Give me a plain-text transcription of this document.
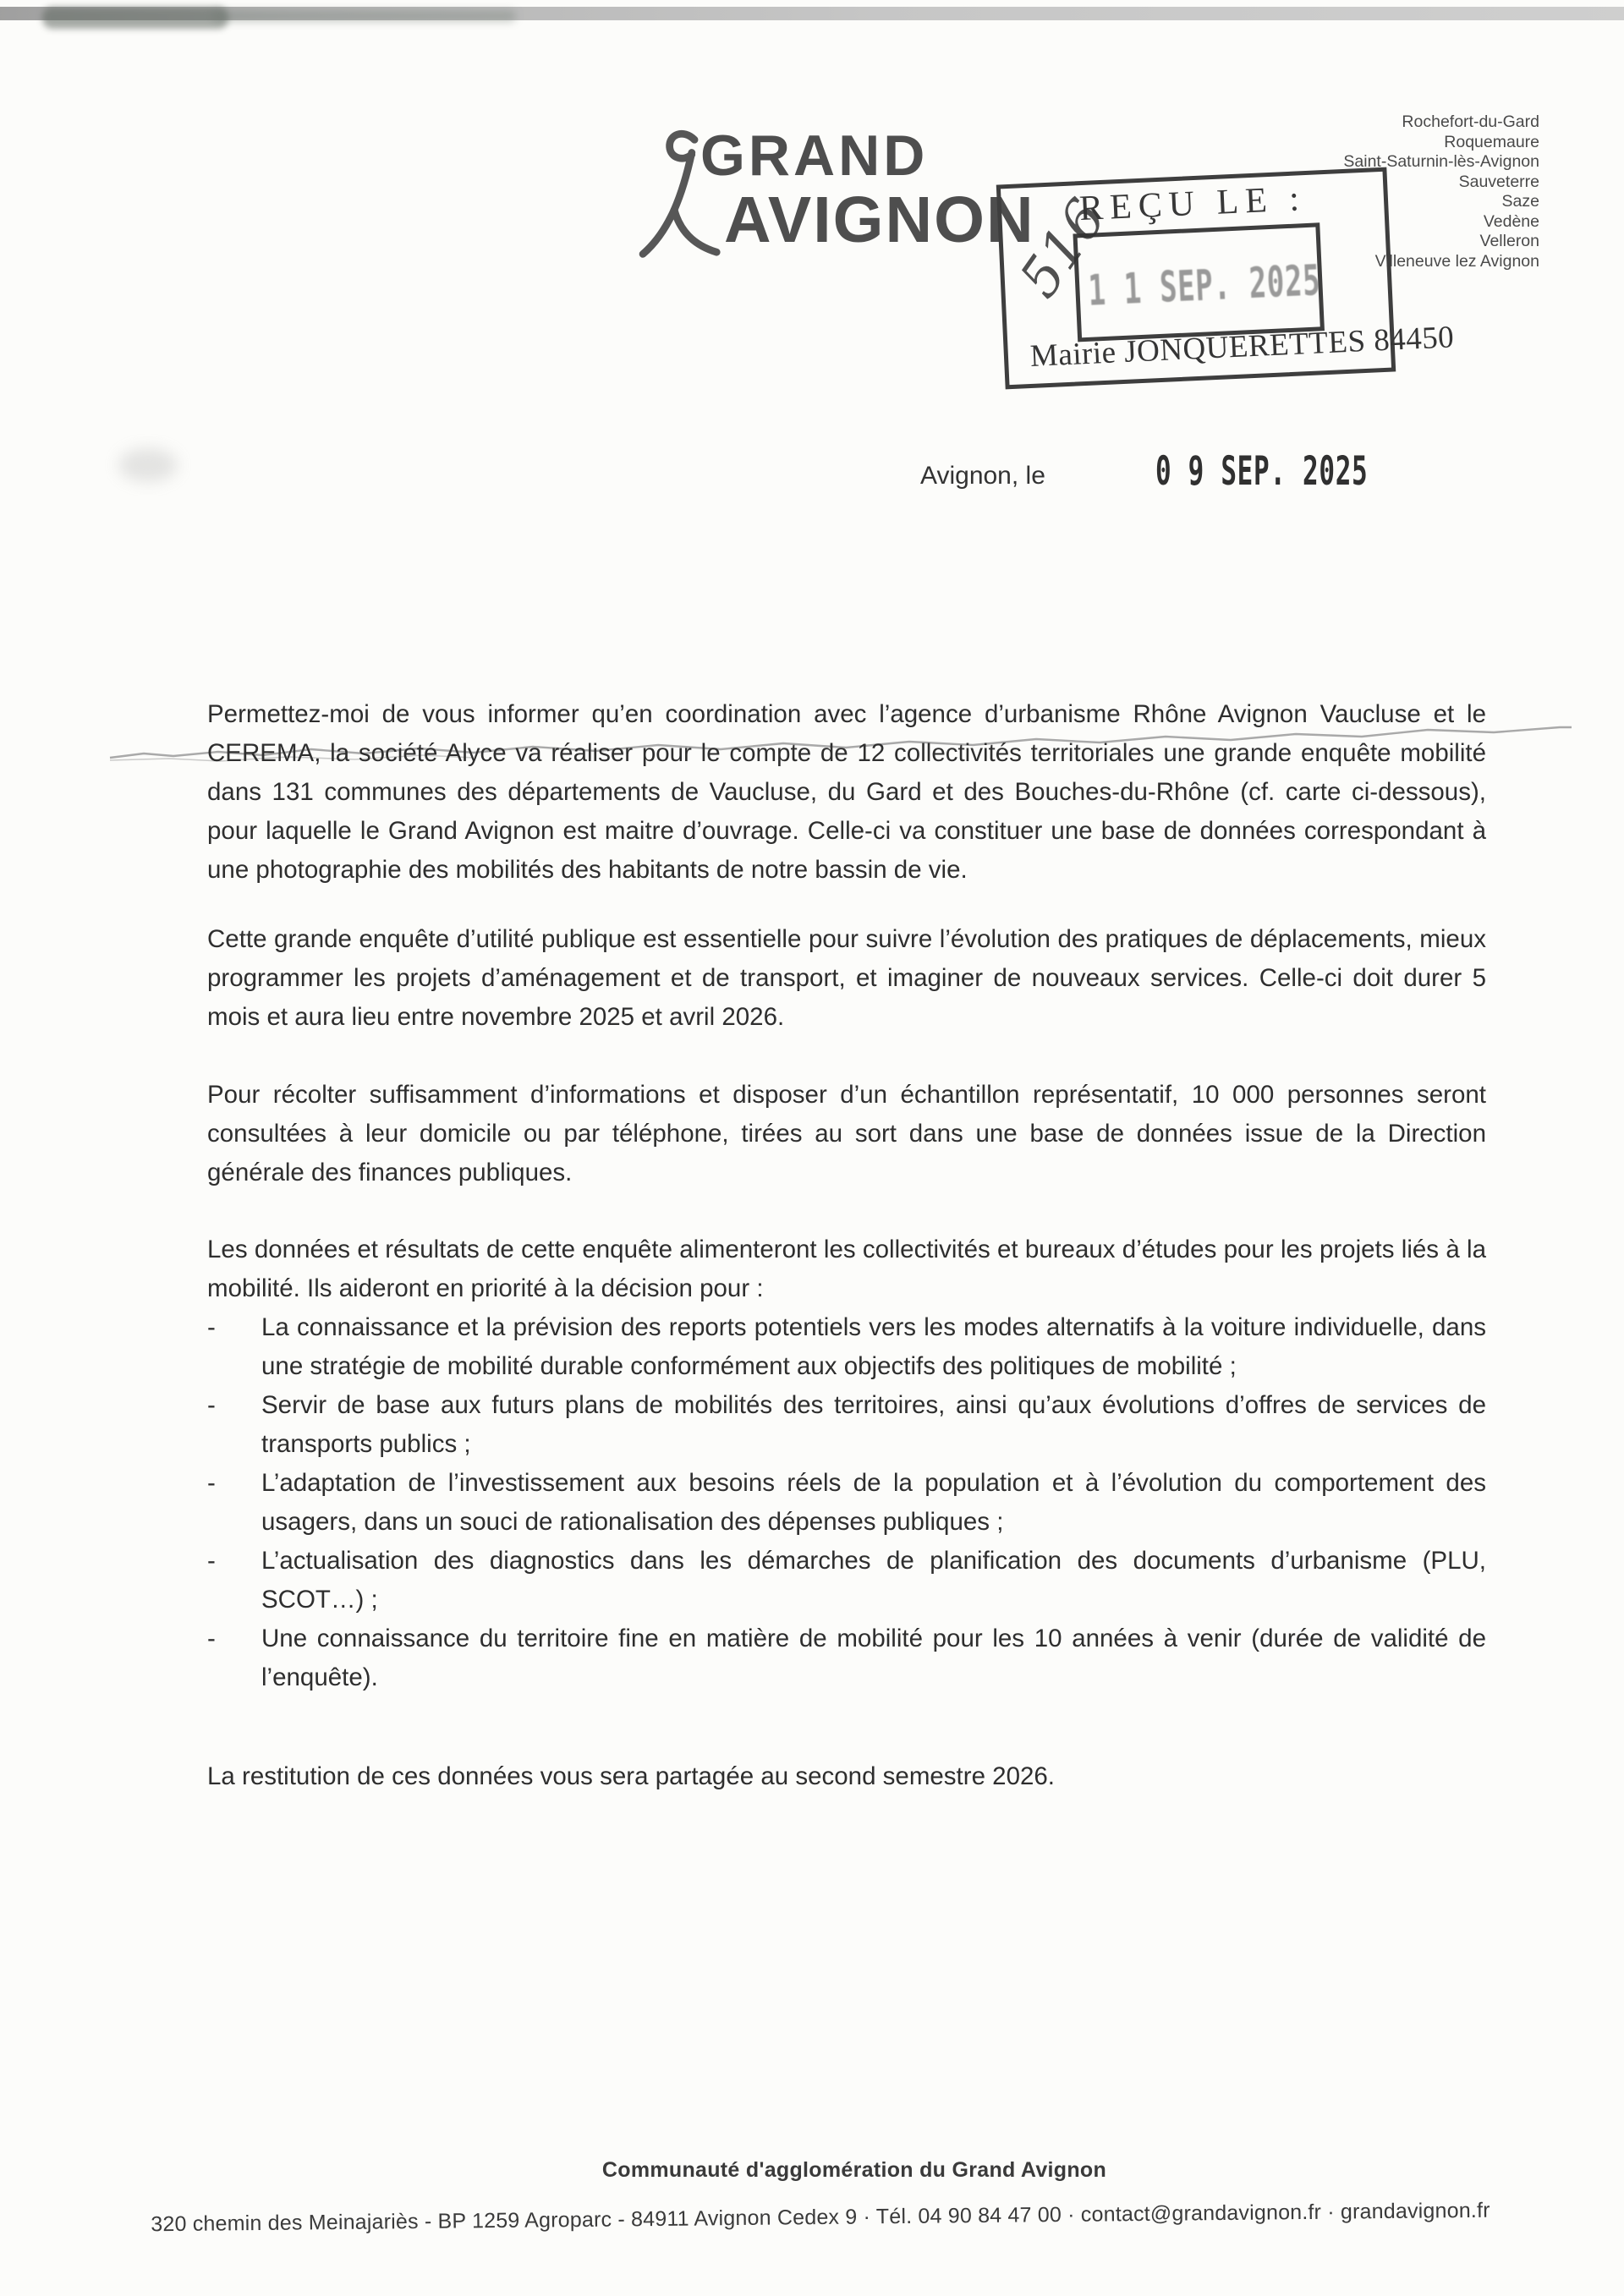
GRAND
AVIGNON
Rochefort-du-Gard
Roquemaure
Saint-Saturnin-lès-Avignon
Sauveterre
Saze
Vedène
Velleron
Villeneuve lez Avignon
REÇU LE :
1 1 SEP. 2025
Mairie JONQUERETTES 84450
516
Avignon, le	0 9 SEP. 2025
Permettez-moi de vous informer qu’en coordination avec l’agence d’urbanisme Rhône Avignon Vaucluse et le CEREMA, la société Alyce va réaliser pour le compte de 12 collectivités territoriales une grande enquête mobilité dans 131 communes des départements de Vaucluse, du Gard et des Bouches-du-Rhône (cf. carte ci-dessous), pour laquelle le Grand Avignon est maitre d’ouvrage. Celle-ci va constituer une base de données correspondant à une photographie des mobilités des habitants de notre bassin de vie.
Cette grande enquête d’utilité publique est essentielle pour suivre l’évolution des pratiques de déplacements, mieux programmer les projets d’aménagement et de transport, et imaginer de nouveaux services. Celle-ci doit durer 5 mois et aura lieu entre novembre 2025 et avril 2026.
Pour récolter suffisamment d’informations et disposer d’un échantillon représentatif, 10 000 personnes seront consultées à leur domicile ou par téléphone, tirées au sort dans une base de données issue de la Direction générale des finances publiques.
Les données et résultats de cette enquête alimenteront les collectivités et bureaux d’études pour les projets liés à la mobilité. Ils aideront en priorité à la décision pour :
-	La connaissance et la prévision des reports potentiels vers les modes alternatifs à la voiture individuelle, dans une stratégie de mobilité durable conformément aux objectifs des politiques de mobilité ;
-	Servir de base aux futurs plans de mobilités des territoires, ainsi qu’aux évolutions d’offres de services de transports publics ;
-	L’adaptation de l’investissement aux besoins réels de la population et à l’évolution du comportement des usagers, dans un souci de rationalisation des dépenses publiques ;
-	L’actualisation des diagnostics dans les démarches de planification des documents d’urbanisme (PLU, SCOT…) ;
-	Une connaissance du territoire fine en matière de mobilité pour les 10 années à venir (durée de validité de l’enquête).
La restitution de ces données vous sera partagée au second semestre 2026.
Communauté d'agglomération du Grand Avignon
320 chemin des Meinajariès - BP 1259 Agroparc - 84911 Avignon Cedex 9 · Tél. 04 90 84 47 00 · contact@grandavignon.fr · grandavignon.fr
